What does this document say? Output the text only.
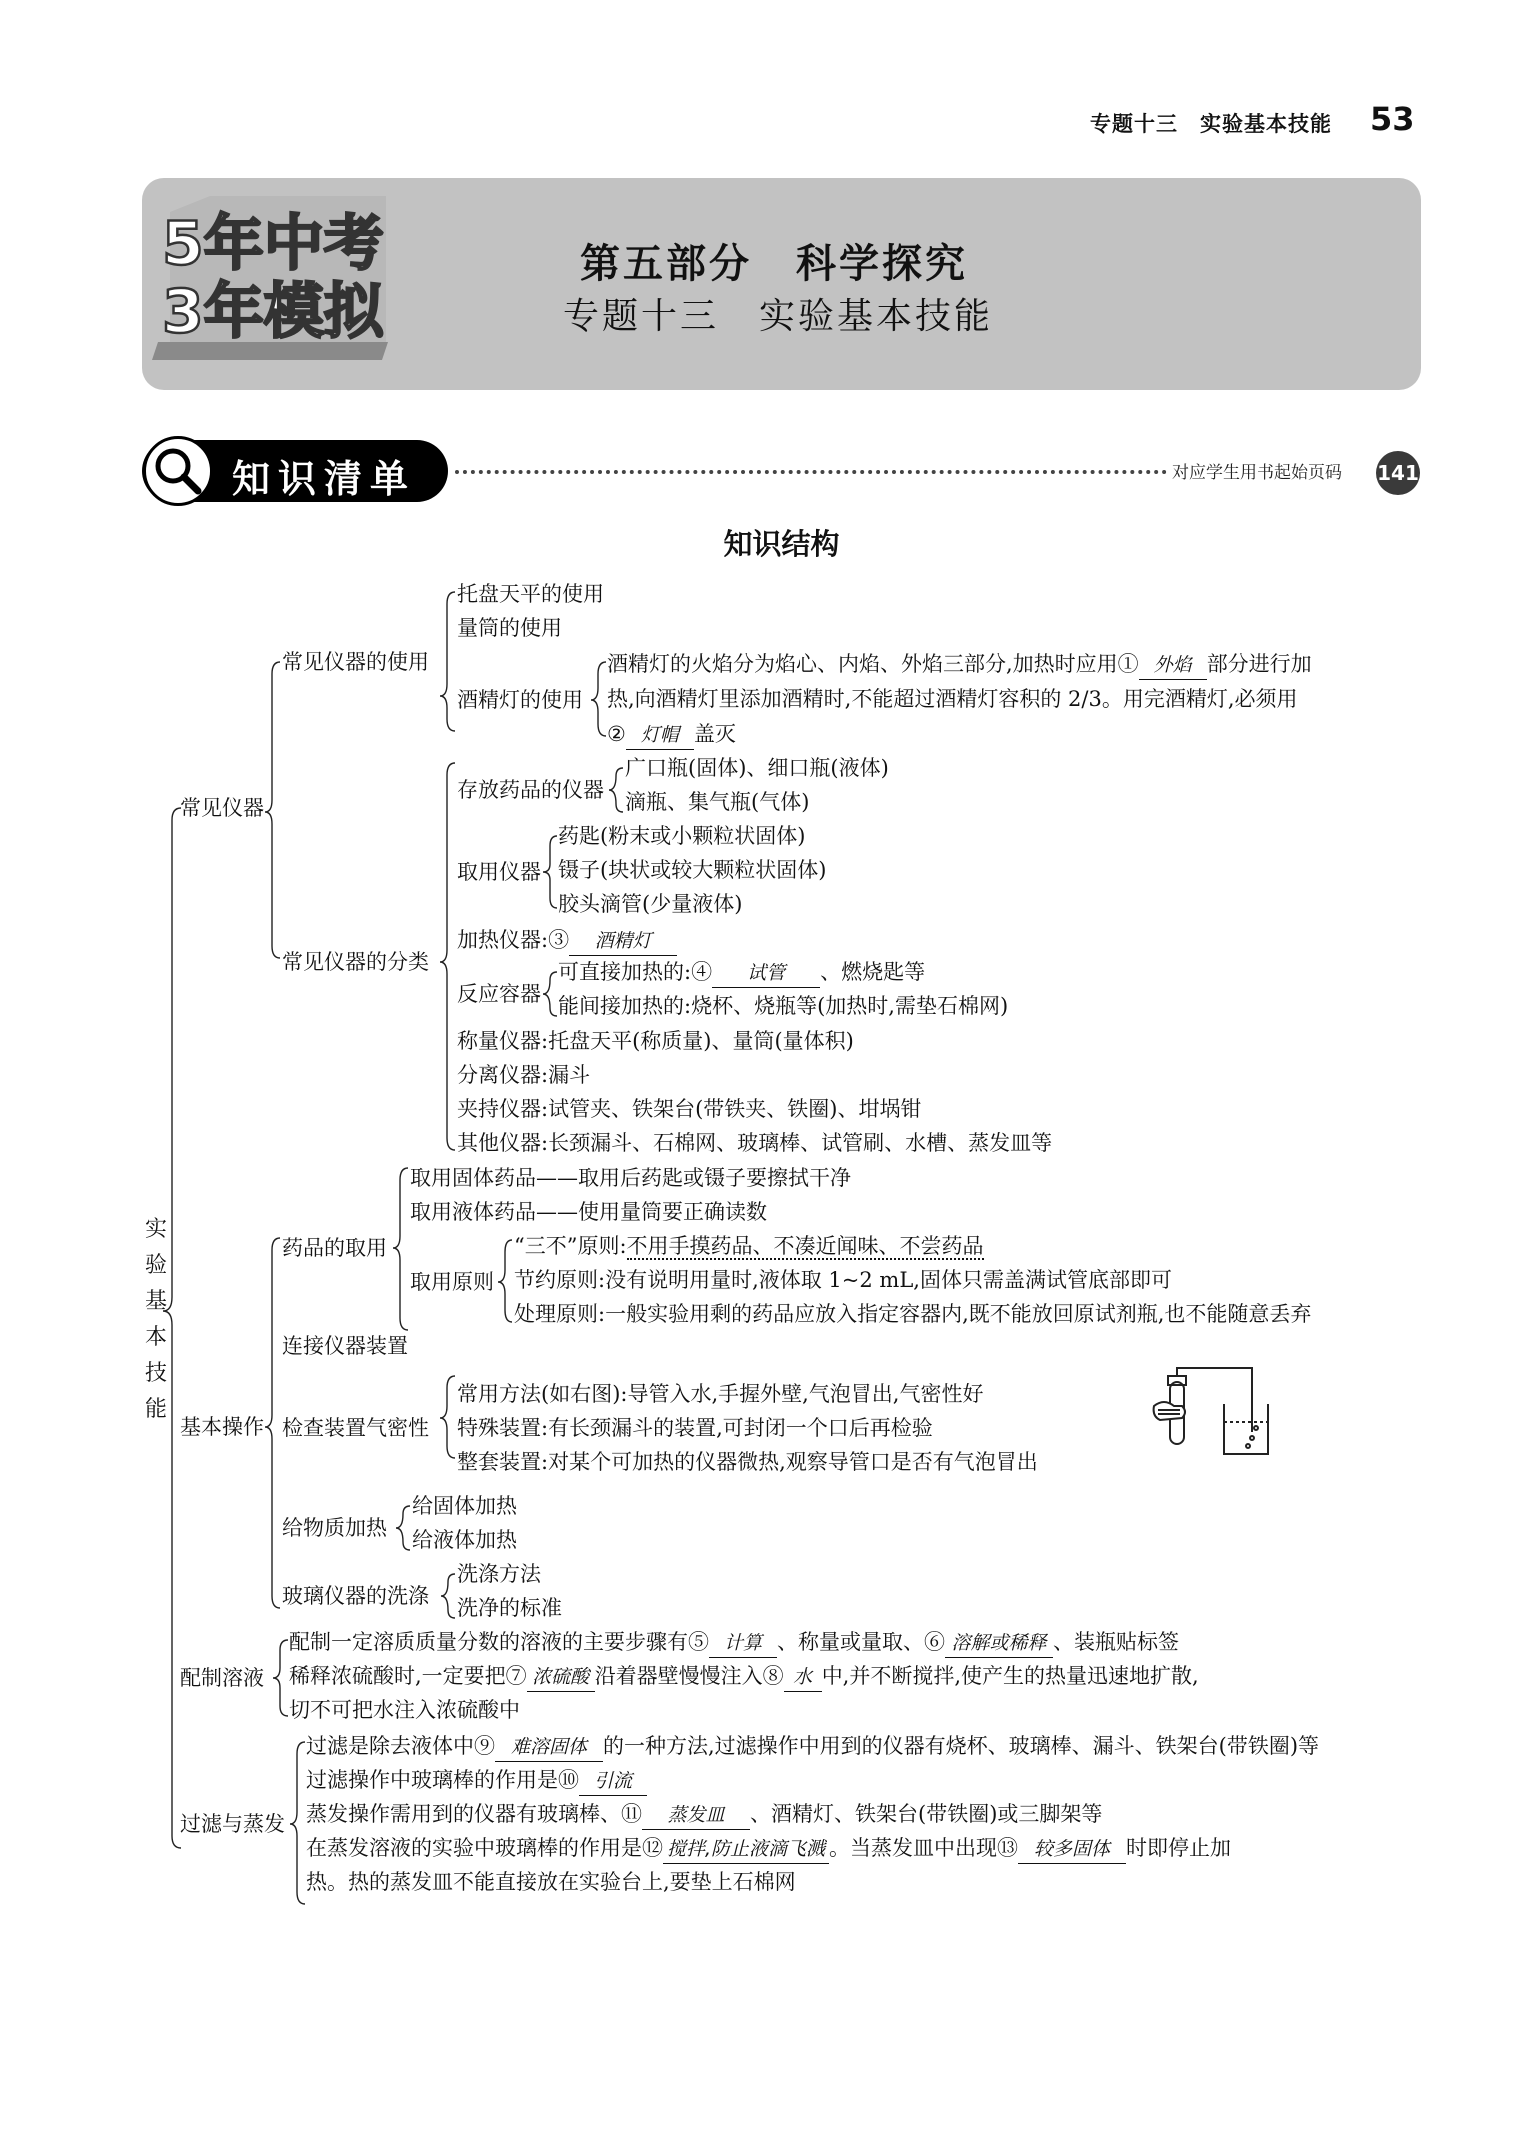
专题十三 实验基本技能	53
5年中考
3年模拟
第五部分 科学探究
专题十三 实验基本技能
知识清单	对应学生用书起始页码 141
知识结构
实验基本技能
常见仪器
基本操作
配制溶液
过滤与蒸发
常见仪器的使用
托盘天平的使用
量筒的使用
酒精灯的使用
酒精灯的火焰分为焰心、内焰、外焰三部分,加热时应用① 外焰 部分进行加
热,向酒精灯里添加酒精时,不能超过酒精灯容积的 2/3。用完酒精灯,必须用
② 灯帽 盖灭
常见仪器的分类
存放药品的仪器
广口瓶(固体)、细口瓶(液体)
滴瓶、集气瓶(气体)
取用仪器
药匙(粉末或小颗粒状固体)
镊子(块状或较大颗粒状固体)
胶头滴管(少量液体)
加热仪器:③ 酒精灯
反应容器
可直接加热的:④ 试管 、燃烧匙等
能间接加热的:烧杯、烧瓶等(加热时,需垫石棉网)
称量仪器:托盘天平(称质量)、量筒(量体积)
分离仪器:漏斗
夹持仪器:试管夹、铁架台(带铁夹、铁圈)、坩埚钳
其他仪器:长颈漏斗、石棉网、玻璃棒、试管刷、水槽、蒸发皿等
药品的取用
取用固体药品——取用后药匙或镊子要擦拭干净
取用液体药品——使用量筒要正确读数
取用原则
“三不”原则:不用手摸药品、不凑近闻味、不尝药品
节约原则:没有说明用量时,液体取 1~2 mL,固体只需盖满试管底部即可
处理原则:一般实验用剩的药品应放入指定容器内,既不能放回原试剂瓶,也不能随意丢弃
连接仪器装置
检查装置气密性
常用方法(如右图):导管入水,手握外壁,气泡冒出,气密性好
特殊装置:有长颈漏斗的装置,可封闭一个口后再检验
整套装置:对某个可加热的仪器微热,观察导管口是否有气泡冒出
给物质加热
给固体加热
给液体加热
玻璃仪器的洗涤
洗涤方法
洗净的标准
配制一定溶质质量分数的溶液的主要步骤有⑤ 计算 、称量或量取、⑥ 溶解或稀释 、装瓶贴标签
稀释浓硫酸时,一定要把⑦ 浓硫酸 沿着器壁慢慢注入⑧ 水 中,并不断搅拌,使产生的热量迅速地扩散,
切不可把水注入浓硫酸中
过滤是除去液体中⑨ 难溶固体 的一种方法,过滤操作中用到的仪器有烧杯、玻璃棒、漏斗、铁架台(带铁圈)等
过滤操作中玻璃棒的作用是⑩ 引流
蒸发操作需用到的仪器有玻璃棒、⑪ 蒸发皿 、酒精灯、铁架台(带铁圈)或三脚架等
在蒸发溶液的实验中玻璃棒的作用是⑫ 搅拌,防止液滴飞溅 。当蒸发皿中出现⑬ 较多固体 时即停止加
热。热的蒸发皿不能直接放在实验台上,要垫上石棉网
